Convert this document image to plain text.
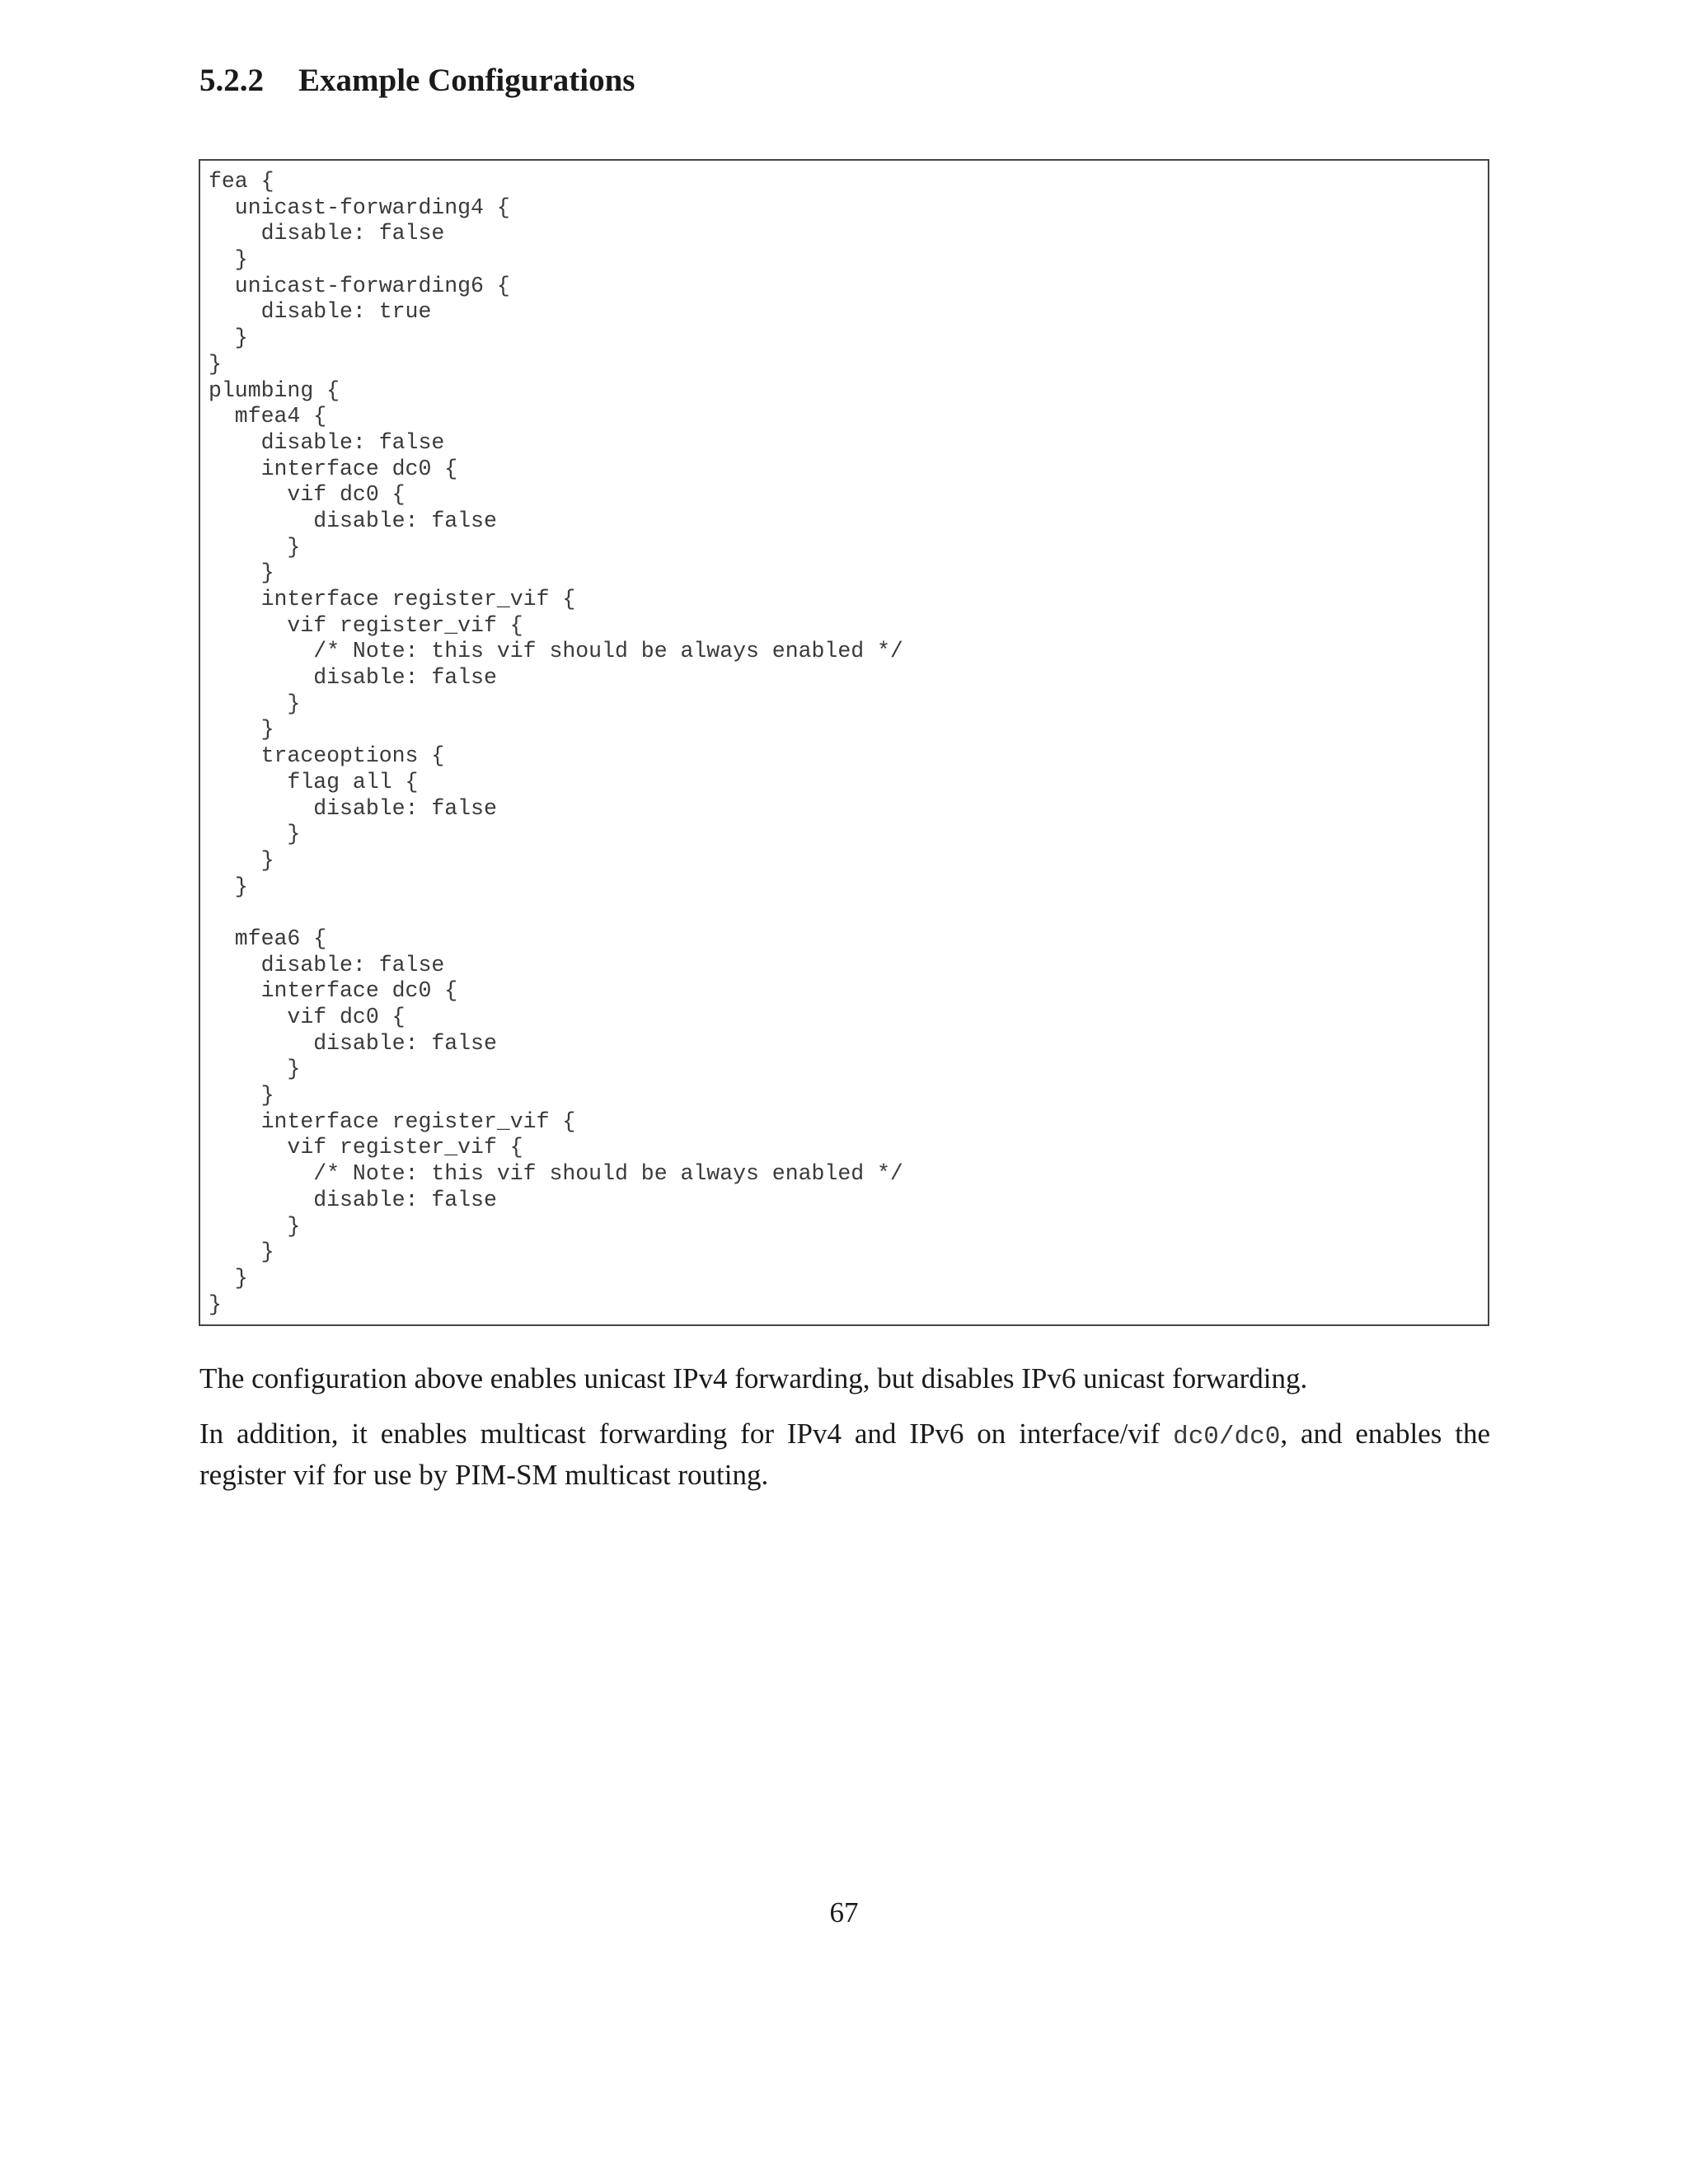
5.2.2 Example Configurations
fea {
unicast-forwarding4 {
disable: false
}
unicast-forwarding6 {
disable: true
}
}
plumbing {
mfea4 {
disable: false
interface dc0 {
vif dc0 {
disable: false
}
}
interface register_vif {
vif register_vif {
/* Note: this vif should be always enabled */
disable: false
}
}
traceoptions {
flag all {
disable: false
}
}
}
mfea6 {
disable: false
interface dc0 {
vif dc0 {
disable: false
}
}
interface register_vif {
vif register_vif {
/* Note: this vif should be always enabled */
disable: false
}
}
}
}

The configuration above enables unicast IPv4 forwarding, but disables IPv6 unicast forwarding.

In addition, it enables multicast forwarding for IPv4 and IPv6 on interface/vif dc0/dc0, and enables the register vif for use by PIM-SM multicast routing.

67
